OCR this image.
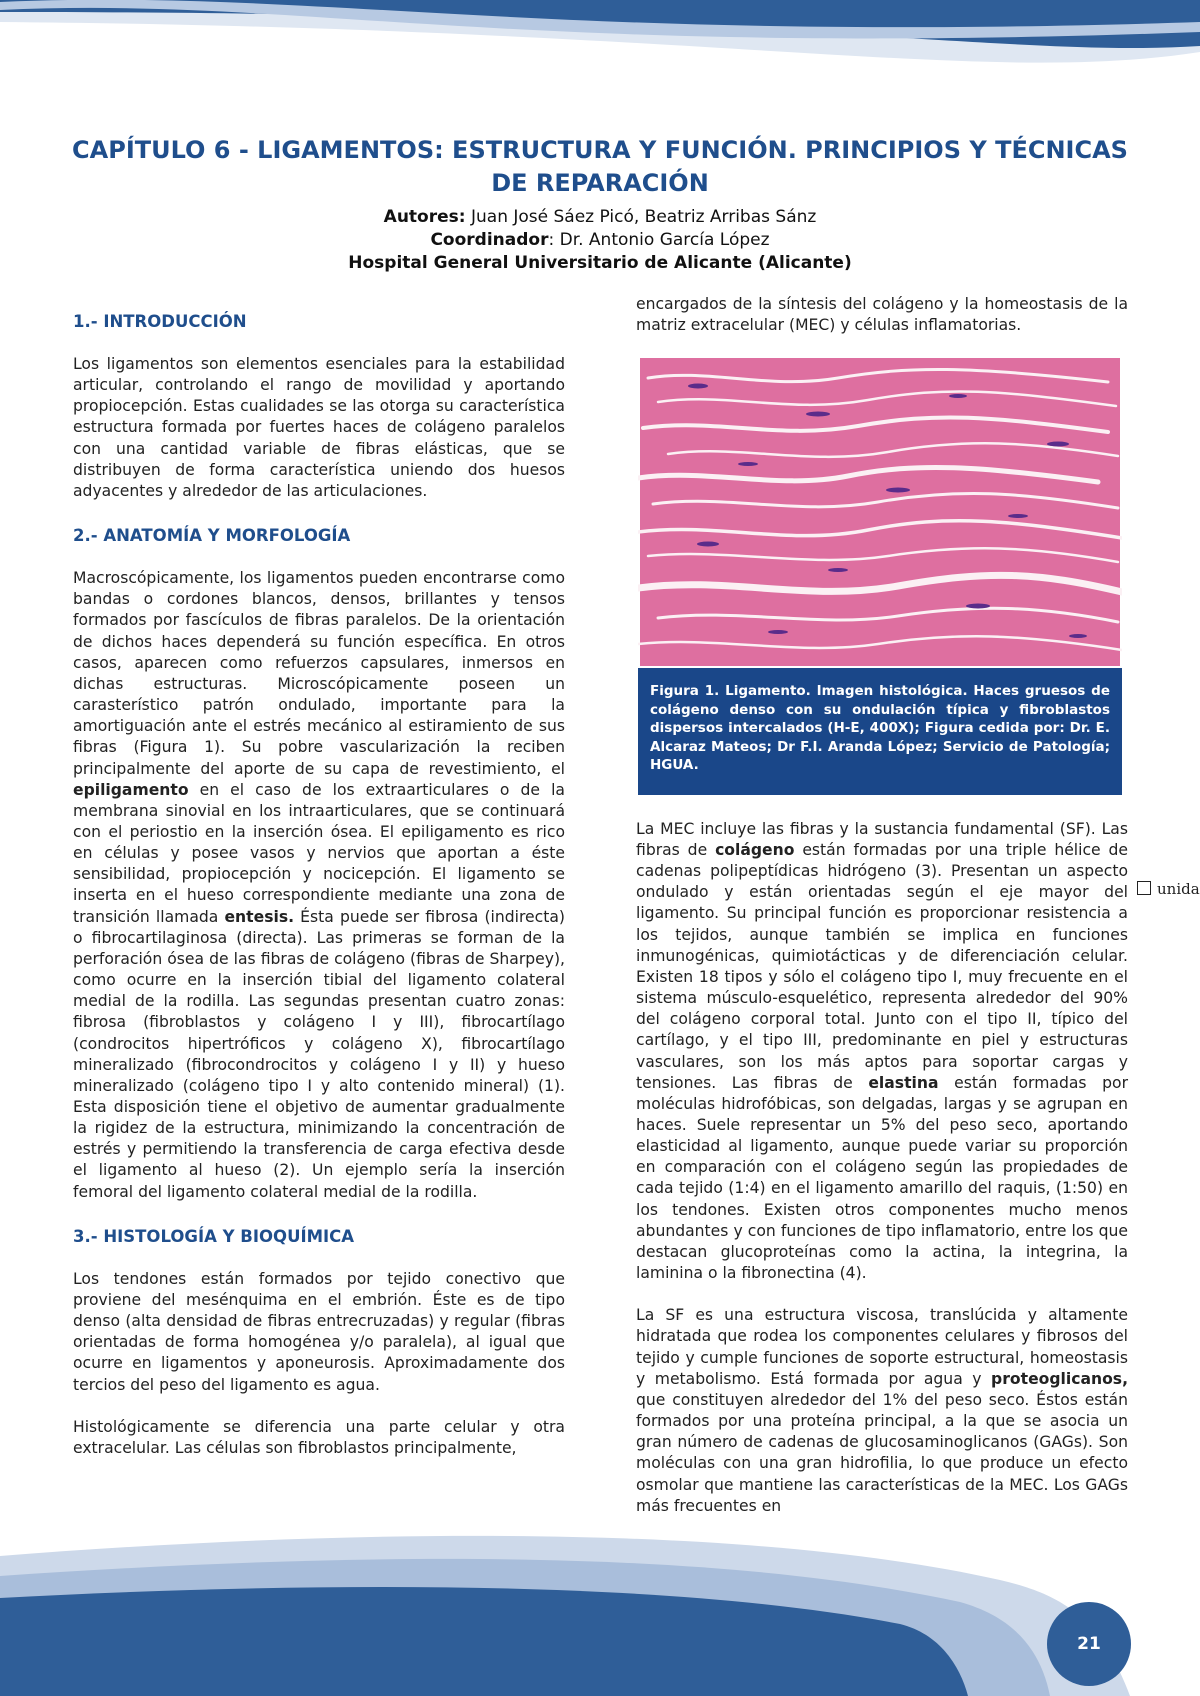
CAPÍTULO 6 - LIGAMENTOS: ESTRUCTURA Y FUNCIÓN. PRINCIPIOS Y TÉCNICAS DE REPARACIÓN
Autores: Juan José Sáez Picó, Beatriz Arribas Sánz
Coordinador: Dr. Antonio García López
Hospital General Universitario de Alicante (Alicante)
1.- INTRODUCCIÓN

Los ligamentos son elementos esenciales para la estabilidad articular, controlando el rango de movilidad y aportando propiocepción. Estas cualidades se las otorga su característica estructura formada por fuertes haces de colágeno paralelos con una cantidad variable de fibras elásticas, que se distribuyen de forma característica uniendo dos huesos adyacentes y alrededor de las articulaciones.

2.- ANATOMÍA Y MORFOLOGÍA

Macroscópicamente, los ligamentos pueden encontrarse como bandas o cordones blancos, densos, brillantes y tensos formados por fascículos de fibras paralelos. De la orientación de dichos haces dependerá su función específica. En otros casos, aparecen como refuerzos capsulares, inmersos en dichas estructuras. Microscópicamente poseen un carasterístico patrón ondulado, importante para la amortiguación ante el estrés mecánico al estiramiento de sus fibras (Figura 1). Su pobre vascularización la reciben principalmente del aporte de su capa de revestimiento, el epiligamento en el caso de los extraarticulares o de la membrana sinovial en los intraarticulares, que se continuará con el periostio en la inserción ósea. El epiligamento es rico en células y posee vasos y nervios que aportan a éste sensibilidad, propiocepción y nocicepción. El ligamento se inserta en el hueso correspondiente mediante una zona de transición llamada entesis. Ésta puede ser fibrosa (indirecta) o fibrocartilaginosa (directa). Las primeras se forman de la perforación ósea de las fibras de colágeno (fibras de Sharpey), como ocurre en la inserción tibial del ligamento colateral medial de la rodilla. Las segundas presentan cuatro zonas: fibrosa (fibroblastos y colágeno I y III), fibrocartílago (condrocitos hipertróficos y colágeno X), fibrocartílago mineralizado (fibrocondrocitos y colágeno I y II) y hueso mineralizado (colágeno tipo I y alto contenido mineral) (1). Esta disposición tiene el objetivo de aumentar gradualmente la rigidez de la estructura, minimizando la concentración de estrés y permitiendo la transferencia de carga efectiva desde el ligamento al hueso (2). Un ejemplo sería la inserción femoral del ligamento colateral medial de la rodilla.

3.- HISTOLOGÍA Y BIOQUÍMICA

Los tendones están formados por tejido conectivo que proviene del mesénquima en el embrión. Éste es de tipo denso (alta densidad de fibras entrecruzadas) y regular (fibras orientadas de forma homogénea y/o paralela), al igual que ocurre en ligamentos y aponeurosis. Aproximadamente dos tercios del peso del ligamento es agua.

Histológicamente se diferencia una parte celular y otra extracelular. Las células son fibroblastos principalmente,

encargados de la síntesis del colágeno y la homeostasis de la matriz extracelular (MEC) y células inflamatorias.

Figura 1. Ligamento. Imagen histológica. Haces gruesos de colágeno denso con su ondulación típica y fibroblastos dispersos intercalados (H-E, 400X); Figura cedida por: Dr. E. Alcaraz Mateos; Dr F.I. Aranda López; Servicio de Patología; HGUA.

La MEC incluye las fibras y la sustancia fundamental (SF). Las fibras de colágeno están formadas por una triple hélice de cadenas polipeptídicas hidrógeno (3). Presentan un aspecto ondulado y están orientadas según el eje mayor del ligamento. Su principal función es proporcionar resistencia a los tejidos, aunque también se implica en funciones inmunogénicas, quimiotácticas y de diferenciación celular. Existen 18 tipos y sólo el colágeno tipo I, muy frecuente en el sistema músculo-esquelético, representa alrededor del 90% del colágeno corporal total. Junto con el tipo II, típico del cartílago, y el tipo III, predominante en piel y estructuras vasculares, son los más aptos para soportar cargas y tensiones. Las fibras de elastina están formadas por moléculas hidrofóbicas, son delgadas, largas y se agrupan en haces. Suele representar un 5% del peso seco, aportando elasticidad al ligamento, aunque puede variar su proporción en comparación con el colágeno según las propiedades de cada tejido (1:4) en el ligamento amarillo del raquis, (1:50) en los tendones. Existen otros componentes mucho menos abundantes y con funciones de tipo inflamatorio, entre los que destacan glucoproteínas como la actina, la integrina, la laminina o la fibronectina (4).

La SF es una estructura viscosa, translúcida y altamente hidratada que rodea los componentes celulares y fibrosos del tejido y cumple funciones de soporte estructural, homeostasis y metabolismo. Está formada por agua y proteoglicanos, que constituyen alrededor del 1% del peso seco. Éstos están formados por una proteína principal, a la que se asocia un gran número de cadenas de glucosaminoglicanos (GAGs). Son moléculas con una gran hidrofilia, lo que produce un efecto osmolar que mantiene las características de la MEC. Los GAGs más frecuentes en

unida
21
